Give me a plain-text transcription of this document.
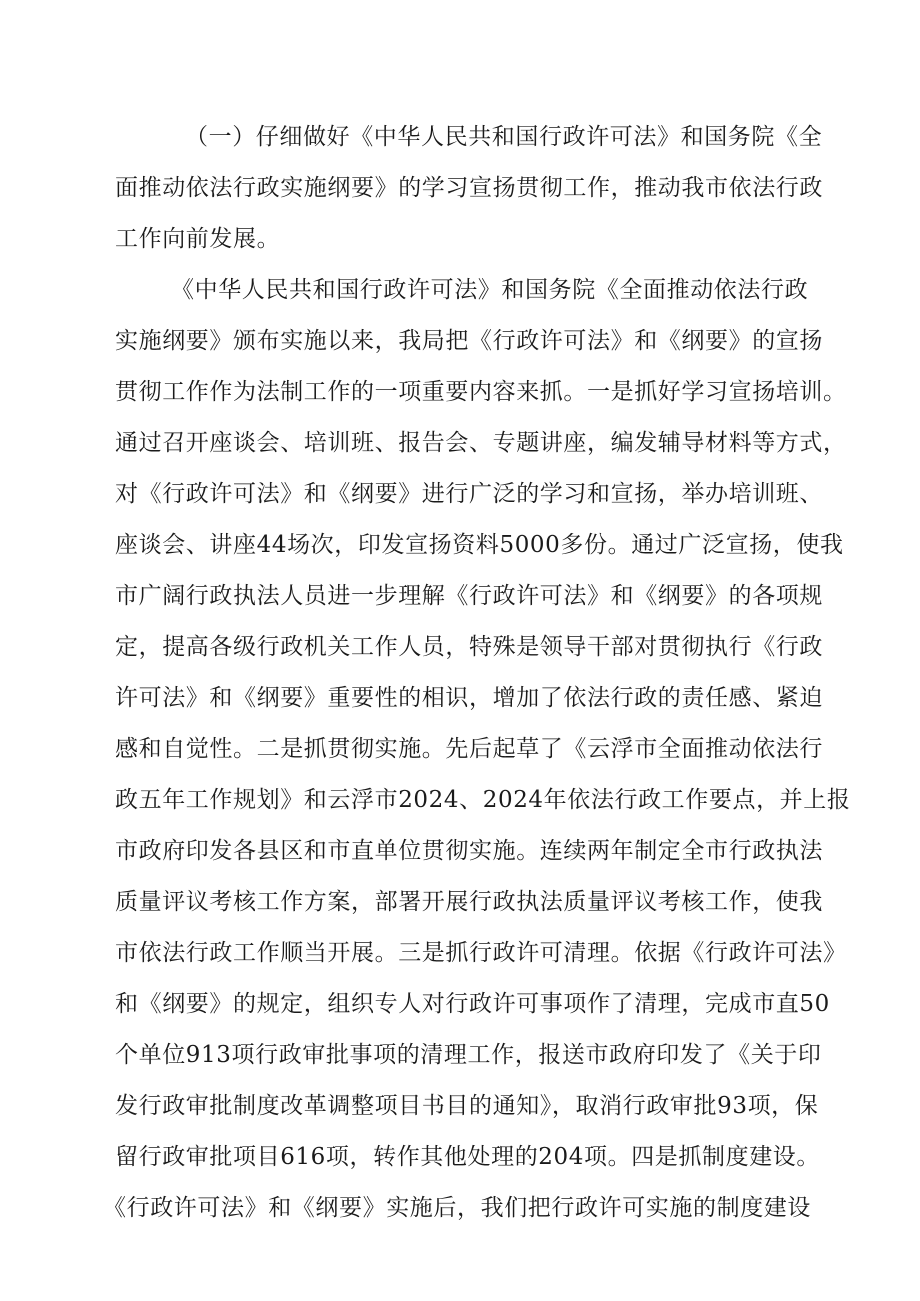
（一）仔细做好《中华人民共和国行政许可法》和国务院《全
面推动依法行政实施纲要》的学习宣扬贯彻工作，推动我市依法行政
工作向前发展。
《中华人民共和国行政许可法》和国务院《全面推动依法行政
实施纲要》颁布实施以来，我局把《行政许可法》和《纲要》的宣扬
贯彻工作作为法制工作的一项重要内容来抓。一是抓好学习宣扬培训。
通过召开座谈会、培训班、报告会、专题讲座，编发辅导材料等方式，
对《行政许可法》和《纲要》进行广泛的学习和宣扬，举办培训班、
座谈会、讲座44场次，印发宣扬资料5000多份。通过广泛宣扬，使我
市广阔行政执法人员进一步理解《行政许可法》和《纲要》的各项规
定，提高各级行政机关工作人员，特殊是领导干部对贯彻执行《行政
许可法》和《纲要》重要性的相识，增加了依法行政的责任感、紧迫
感和自觉性。二是抓贯彻实施。先后起草了《云浮市全面推动依法行
政五年工作规划》和云浮市2024、2024年依法行政工作要点，并上报
市政府印发各县区和市直单位贯彻实施。连续两年制定全市行政执法
质量评议考核工作方案，部署开展行政执法质量评议考核工作，使我
市依法行政工作顺当开展。三是抓行政许可清理。依据《行政许可法》
和《纲要》的规定，组织专人对行政许可事项作了清理，完成市直50
个单位913项行政审批事项的清理工作，报送市政府印发了《关于印
发行政审批制度改革调整项目书目的通知》，取消行政审批93项，保
留行政审批项目616项，转作其他处理的204项。四是抓制度建设。
《行政许可法》和《纲要》实施后，我们把行政许可实施的制度建设
